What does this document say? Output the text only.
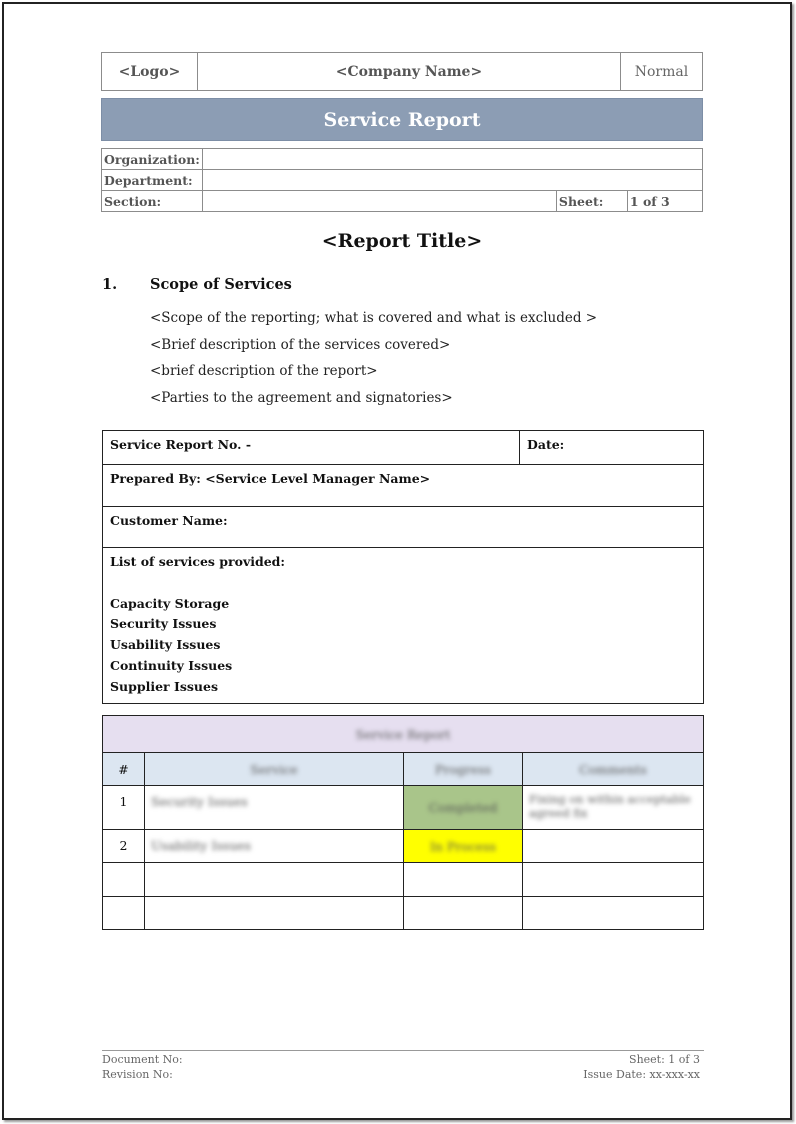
<Logo>	<Company Name>	Normal
Service Report
Organization:			
Department:			
Section:		Sheet:	1 of 3
<Report Title>
1. Scope of Services
<Scope of the reporting; what is covered and what is excluded >
<Brief description of the services covered>
<brief description of the report>
<Parties to the agreement and signatories>
Service Report No. -	Date:
Prepared By: <Service Level Manager Name>
Customer Name:

List of services provided:
Capacity Storage
Security Issues
Usability Issues
Continuity Issues
Supplier Issues
Service Report			
#	Service	Progress	Comments
1	Security Issues	Completed	Fixing on within acceptable agreed fix
2	Usability Issues	In Process	

Document No:
Revision No:
Sheet: 1 of 3
Issue Date: xx-xxx-xx
